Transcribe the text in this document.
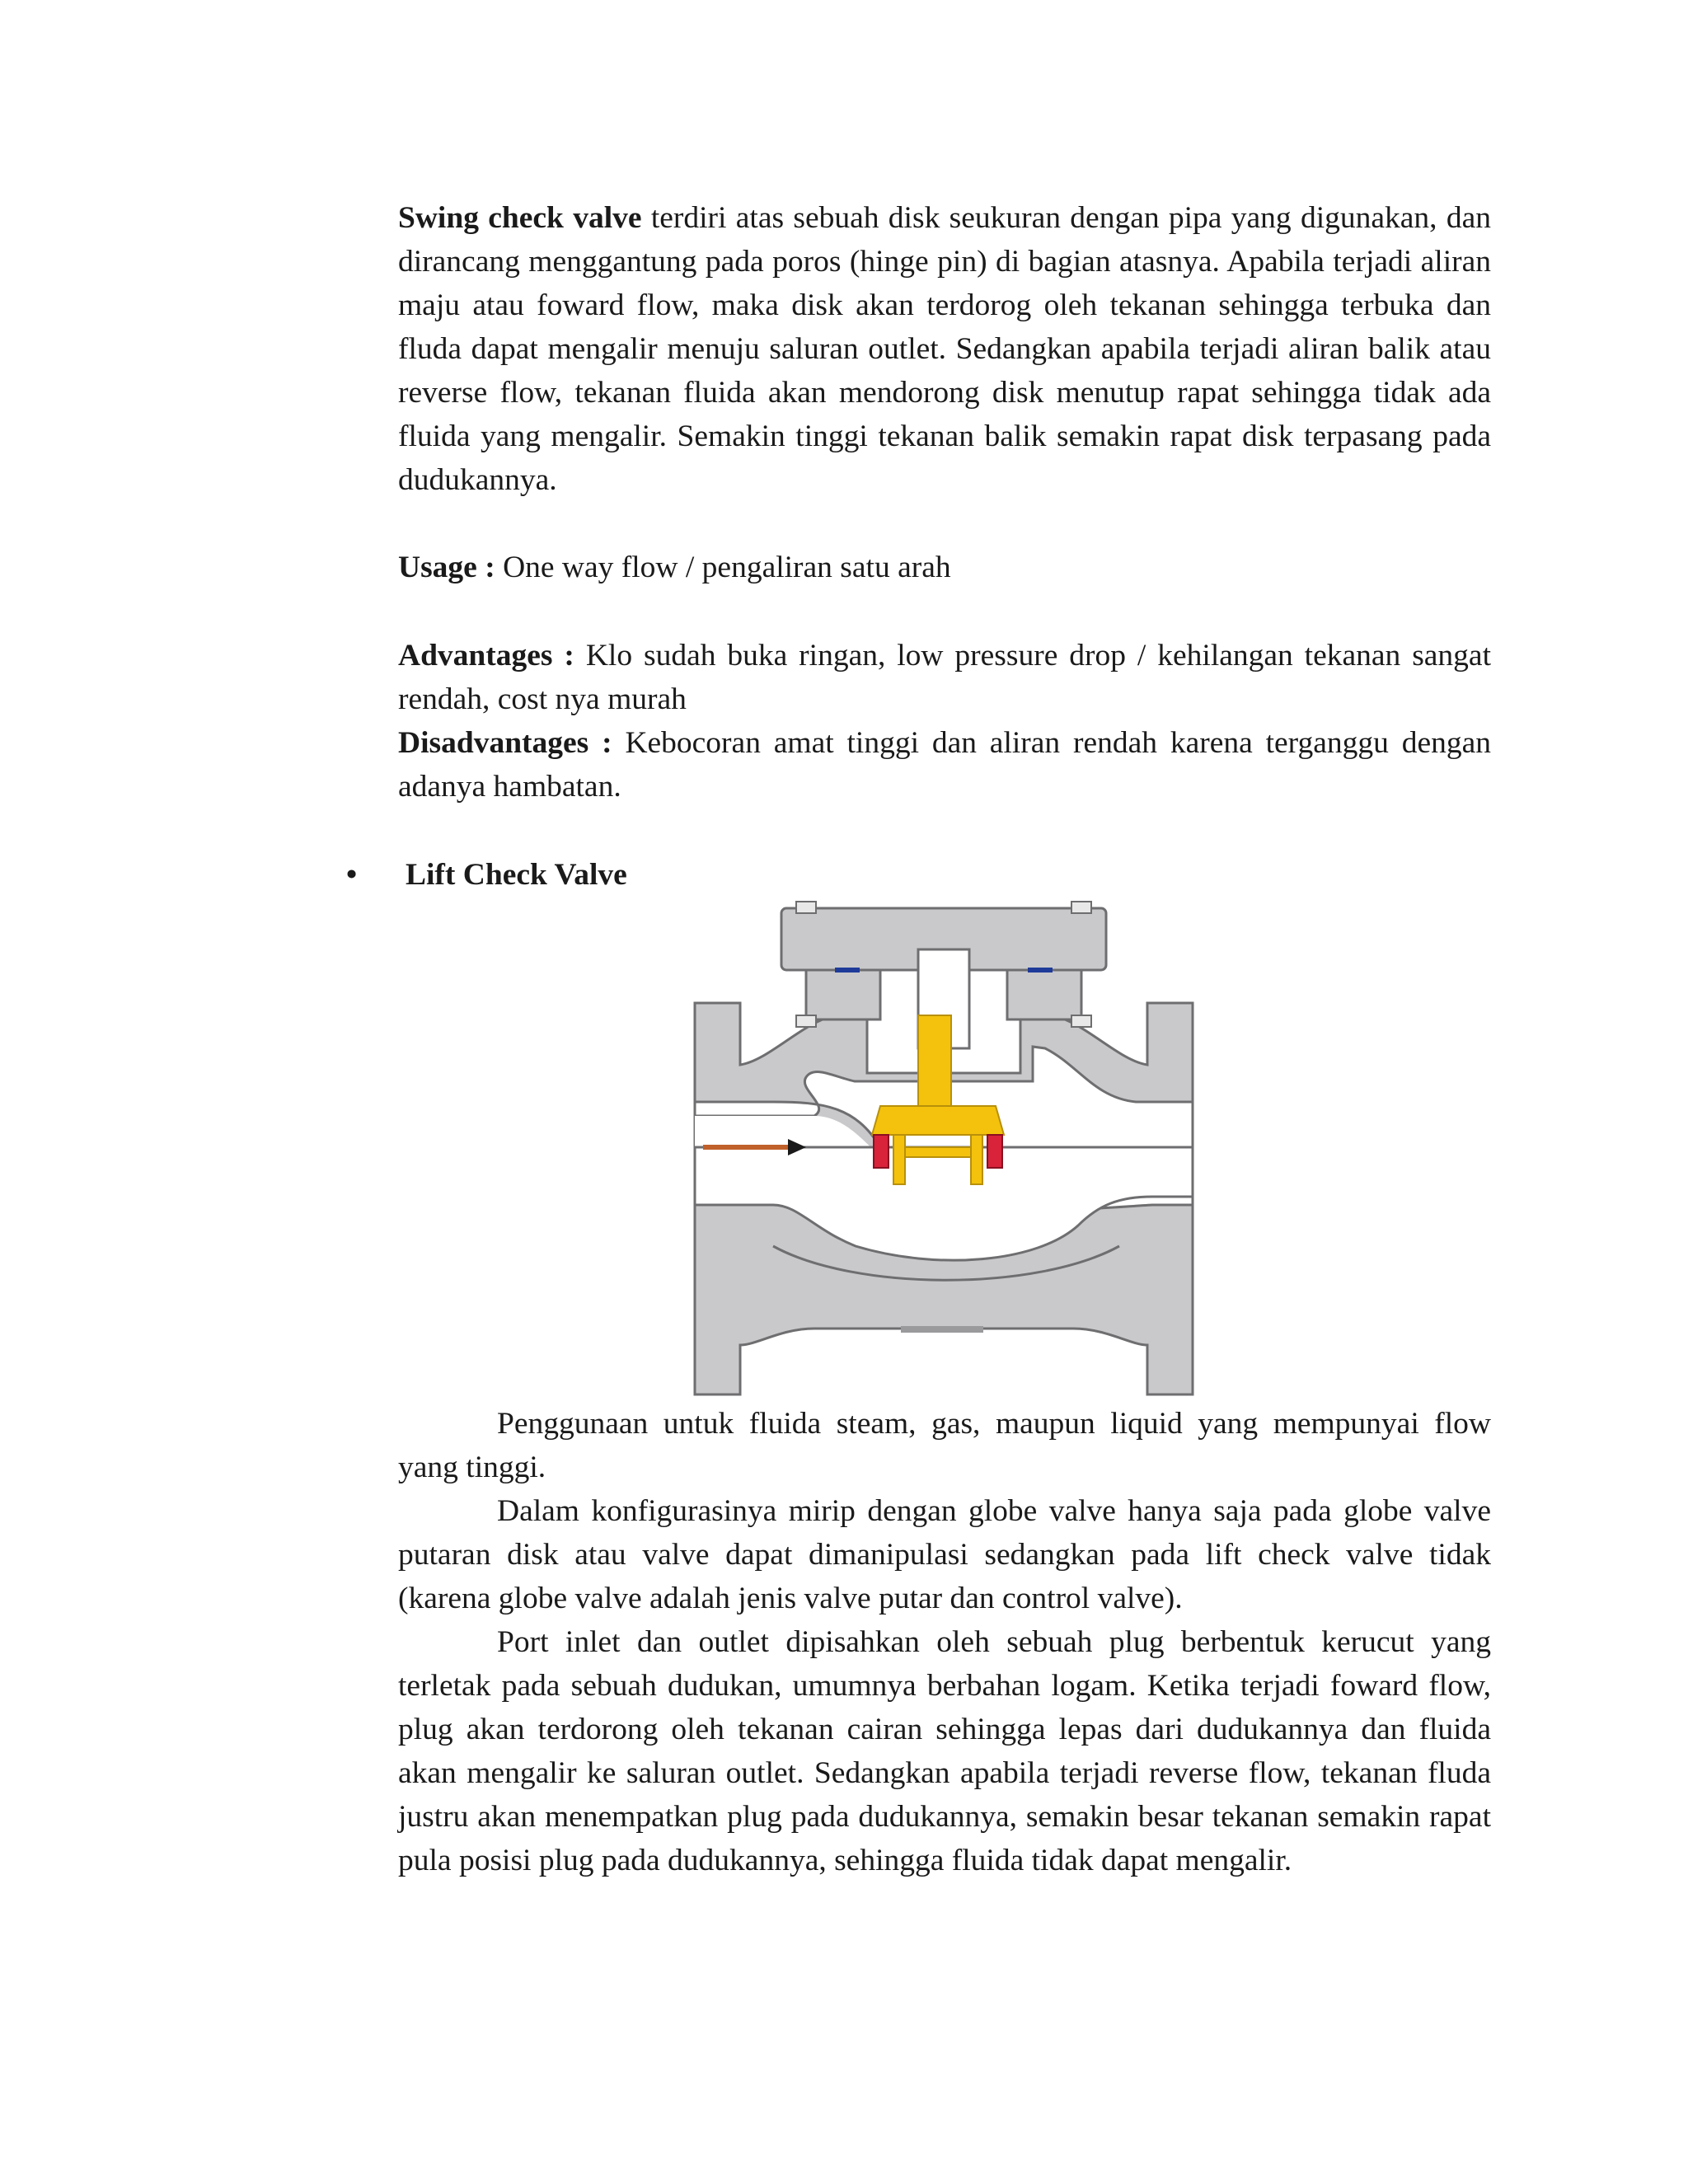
Swing check valve terdiri atas sebuah disk seukuran dengan pipa yang digunakan, dan dirancang menggantung pada poros (hinge pin) di bagian atasnya. Apabila terjadi aliran maju atau foward flow, maka disk akan terdorog oleh tekanan sehingga terbuka dan fluda dapat mengalir menuju saluran outlet. Sedangkan apabila terjadi aliran balik atau reverse flow, tekanan fluida akan mendorong disk menutup rapat sehingga tidak ada fluida yang mengalir. Semakin tinggi tekanan balik semakin rapat disk terpasang pada dudukannya.

Usage : One way flow / pengaliran satu arah

Advantages : Klo sudah buka ringan, low pressure drop / kehilangan tekanan sangat rendah, cost nya murah

Disadvantages : Kebocoran amat tinggi dan aliran rendah karena terganggu dengan adanya hambatan.

• Lift Check Valve

Penggunaan untuk fluida steam, gas, maupun liquid yang mempunyai flow yang tinggi.

Dalam konfigurasinya mirip dengan globe valve hanya saja pada globe valve putaran disk atau valve dapat dimanipulasi sedangkan pada lift check valve tidak (karena globe valve adalah jenis valve putar dan control valve).

Port inlet dan outlet dipisahkan oleh sebuah plug berbentuk kerucut yang terletak pada sebuah dudukan, umumnya berbahan logam. Ketika terjadi foward flow, plug akan terdorong oleh tekanan cairan sehingga lepas dari dudukannya dan fluida akan mengalir ke saluran outlet. Sedangkan apabila terjadi reverse flow, tekanan fluda justru akan menempatkan plug pada dudukannya, semakin besar tekanan semakin rapat pula posisi plug pada dudukannya, sehingga fluida tidak dapat mengalir.
